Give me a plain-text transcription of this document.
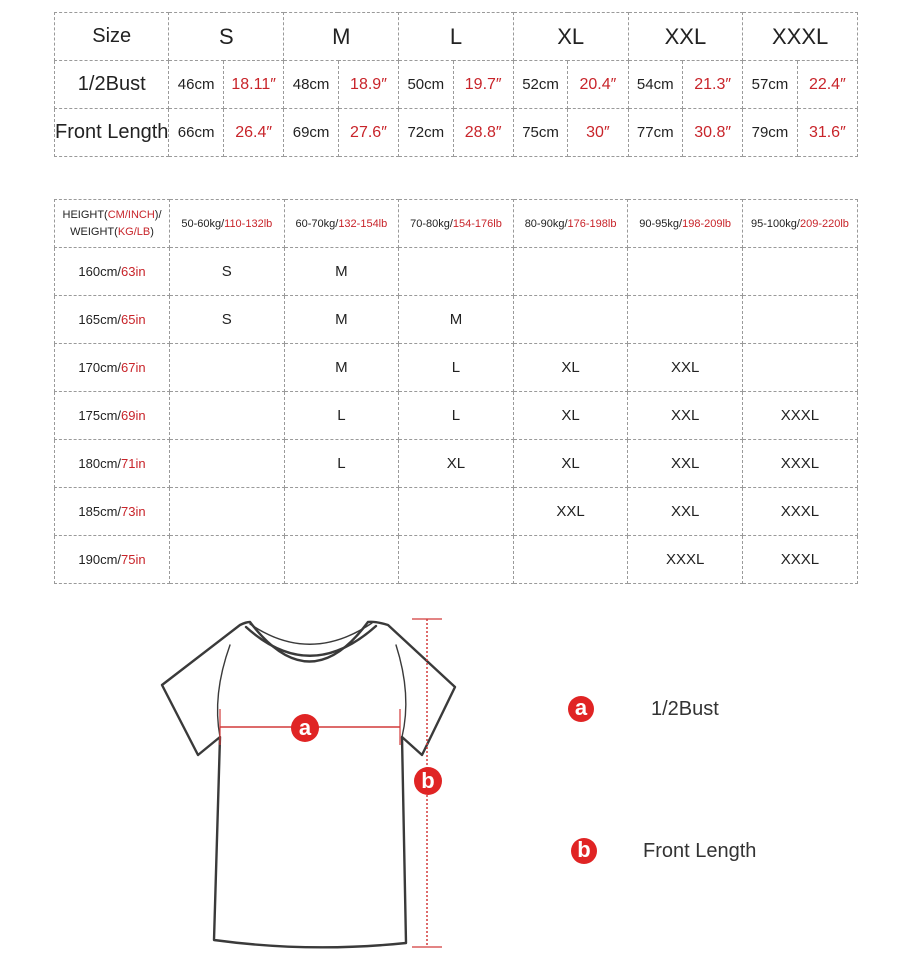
Size	S		M		L		XL		XXL		XXXL	
1/2Bust	46cm	18.11″	48cm	18.9″	50cm	19.7″	52cm	20.4″	54cm	21.3″	57cm	22.4″
Front Length	66cm	26.4″	69cm	27.6″	72cm	28.8″	75cm	30″	77cm	30.8″	79cm	31.6″
HEIGHT(CM/INCH)/
WEIGHT(KG/LB)	50-60kg/110-132lb	60-70kg/132-154lb	70-80kg/154-176lb	80-90kg/176-198lb	90-95kg/198-209lb	95-100kg/209-220lb
160cm/63in	S	M				
165cm/65in	S	M	M			
170cm/67in		M	L	XL	XXL	
175cm/69in		L	L	XL	XXL	XXXL
180cm/71in		L	XL	XL	XXL	XXXL
185cm/73in				XXL	XXL	XXXL
190cm/75in					XXXL	XXXL
a
b
a	1/2Bust
b	Front Length
